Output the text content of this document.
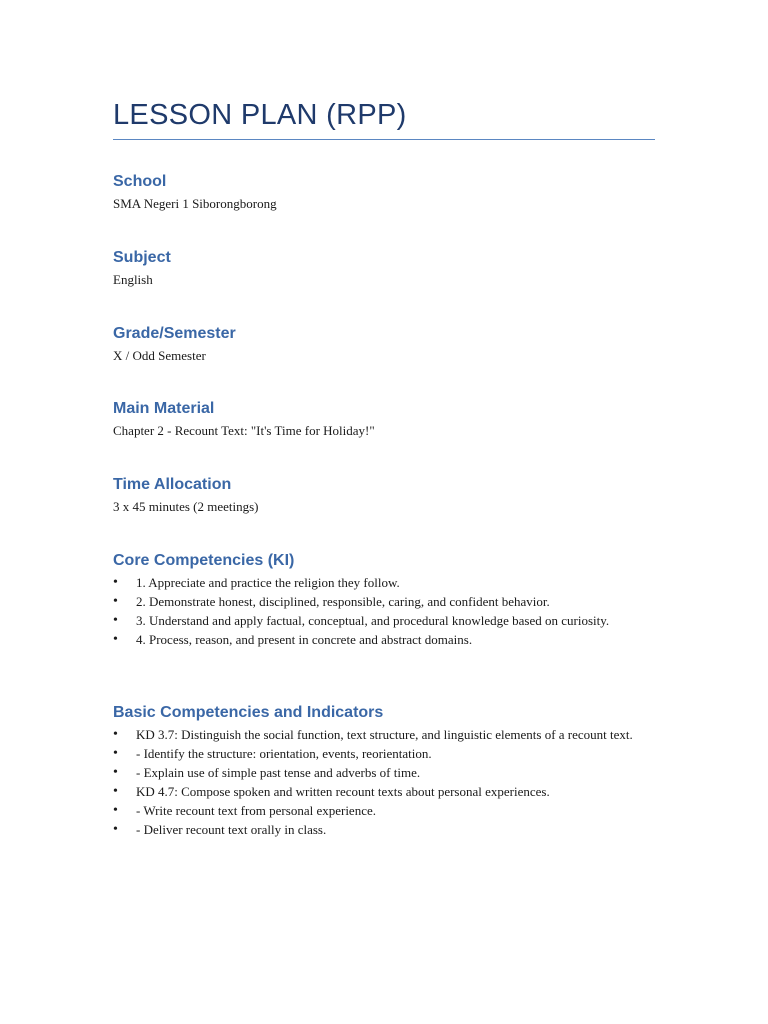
LESSON PLAN (RPP)
School

SMA Negeri 1 Siborongborong

Subject

English

Grade/Semester

X / Odd Semester

Main Material

Chapter 2 - Recount Text: "It's Time for Holiday!"

Time Allocation

3 x 45 minutes (2 meetings)

Core Competencies (KI)
• 1. Appreciate and practice the religion they follow.
• 2. Demonstrate honest, disciplined, responsible, caring, and confident behavior.
• 3. Understand and apply factual, conceptual, and procedural knowledge based on curiosity.
• 4. Process, reason, and present in concrete and abstract domains.
Basic Competencies and Indicators
• KD 3.7: Distinguish the social function, text structure, and linguistic elements of a recount text.
• - Identify the structure: orientation, events, reorientation.
• - Explain use of simple past tense and adverbs of time.
• KD 4.7: Compose spoken and written recount texts about personal experiences.
• - Write recount text from personal experience.
• - Deliver recount text orally in class.
